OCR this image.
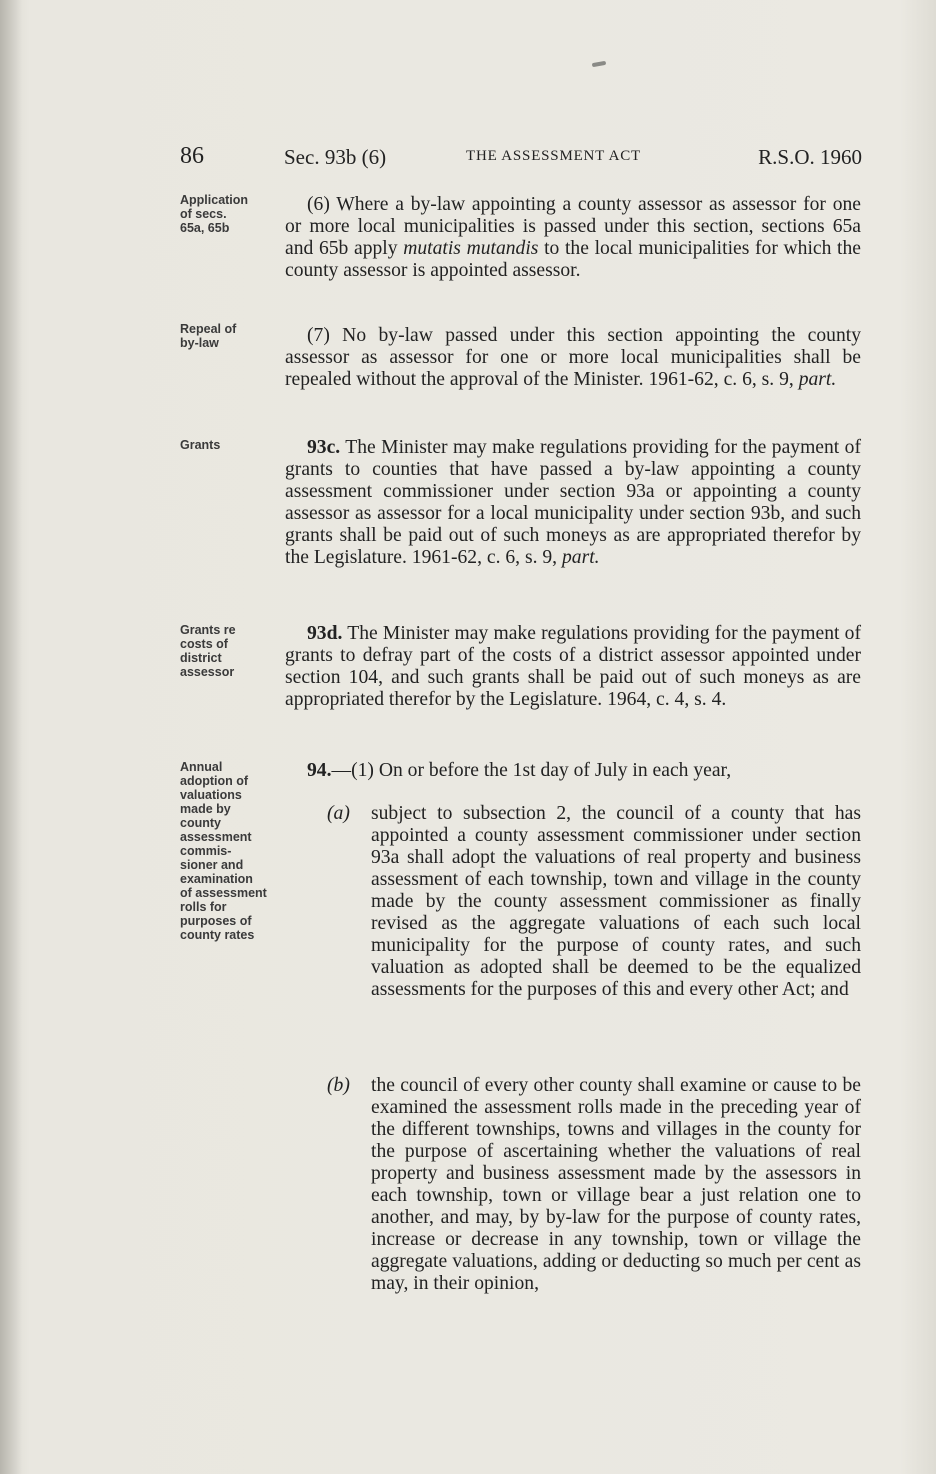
86	Sec. 93b (6)	THE ASSESSMENT ACT	R.S.O. 1960
Application
of secs.
65a, 65b
Repeal of
by-law
Grants
Grants re
costs of
district
assessor
Annual
adoption of
valuations
made by
county
assessment
commis-
sioner and
examination
of assessment
rolls for
purposes of
county rates
(6) Where a by-law appointing a county assessor as assessor for one or more local municipalities is passed under this section, sections 65a and 65b apply mutatis mutandis to the local municipalities for which the county assessor is appointed assessor.
(7) No by-law passed under this section appointing the county assessor as assessor for one or more local municipalities shall be repealed without the approval of the Minister. 1961-62, c. 6, s. 9, part.
93c. The Minister may make regulations providing for the payment of grants to counties that have passed a by-law appointing a county assessment commissioner under section 93a or appointing a county assessor as assessor for a local municipality under section 93b, and such grants shall be paid out of such moneys as are appropriated therefor by the Legislature. 1961-62, c. 6, s. 9, part.
93d. The Minister may make regulations providing for the payment of grants to defray part of the costs of a district assessor appointed under section 104, and such grants shall be paid out of such moneys as are appropriated therefor by the Legislature. 1964, c. 4, s. 4.
94.—(1) On or before the 1st day of July in each year,
(a) subject to subsection 2, the council of a county that has appointed a county assessment commissioner under section 93a shall adopt the valuations of real property and business assessment of each township, town and village in the county made by the county assessment commissioner as finally revised as the aggregate valuations of each such local municipality for the purpose of county rates, and such valuation as adopted shall be deemed to be the equalized assessments for the purposes of this and every other Act; and
(b) the council of every other county shall examine or cause to be examined the assessment rolls made in the preceding year of the different townships, towns and villages in the county for the purpose of ascertaining whether the valuations of real property and business assessment made by the assessors in each township, town or village bear a just relation one to another, and may, by by-law for the purpose of county rates, increase or decrease in any township, town or village the aggregate valuations, adding or deducting so much per cent as may, in their opinion,
